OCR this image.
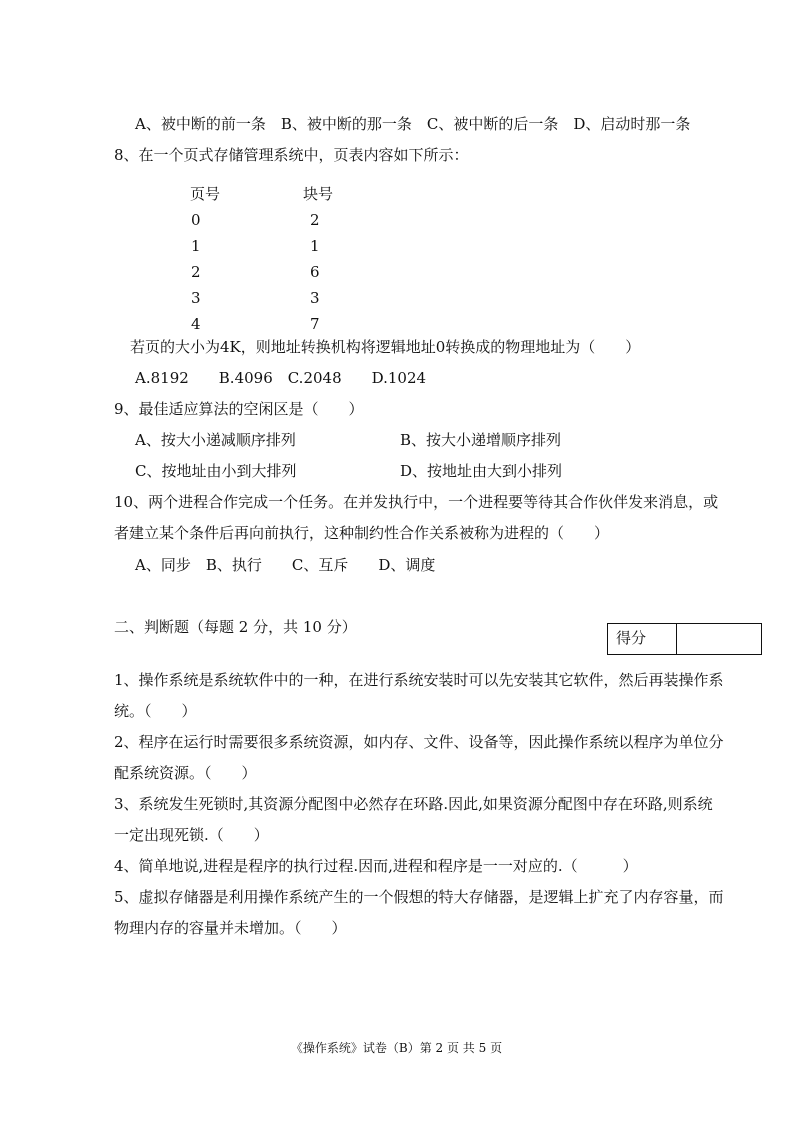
A、被中断的前一条　B、被中断的那一条　C、被中断的后一条　D、启动时那一条
8、在一个页式存储管理系统中，页表内容如下所示：
页号	块号
0	2
1	1
2	6
3	3
4	7
若页的大小为4K，则地址转换机构将逻辑地址0转换成的物理地址为（　　）
A.8192　　B.4096　C.2048　　D.1024
9、最佳适应算法的空闲区是（　　）
A、按大小递减顺序排列	B、按大小递增顺序排列
C、按地址由小到大排列	D、按地址由大到小排列
10、两个进程合作完成一个任务。在并发执行中，一个进程要等待其合作伙伴发来消息，或
者建立某个条件后再向前执行，这种制约性合作关系被称为进程的（　　）
A、同步　B、执行　　C、互斥　　D、调度
二、判断题（每题 2 分，共 10 分）
得分
1、操作系统是系统软件中的一种，在进行系统安装时可以先安装其它软件，然后再装操作系
统。（　　）
2、程序在运行时需要很多系统资源，如内存、文件、设备等，因此操作系统以程序为单位分
配系统资源。（　　）
3、系统发生死锁时,其资源分配图中必然存在环路.因此,如果资源分配图中存在环路,则系统
一定出现死锁.（　　）
4、简单地说,进程是程序的执行过程.因而,进程和程序是一一对应的.（　　　）
5、虚拟存储器是利用操作系统产生的一个假想的特大存储器，是逻辑上扩充了内存容量，而
物理内存的容量并未增加。（　　）
《操作系统》试卷（B）第 2 页 共 5 页
